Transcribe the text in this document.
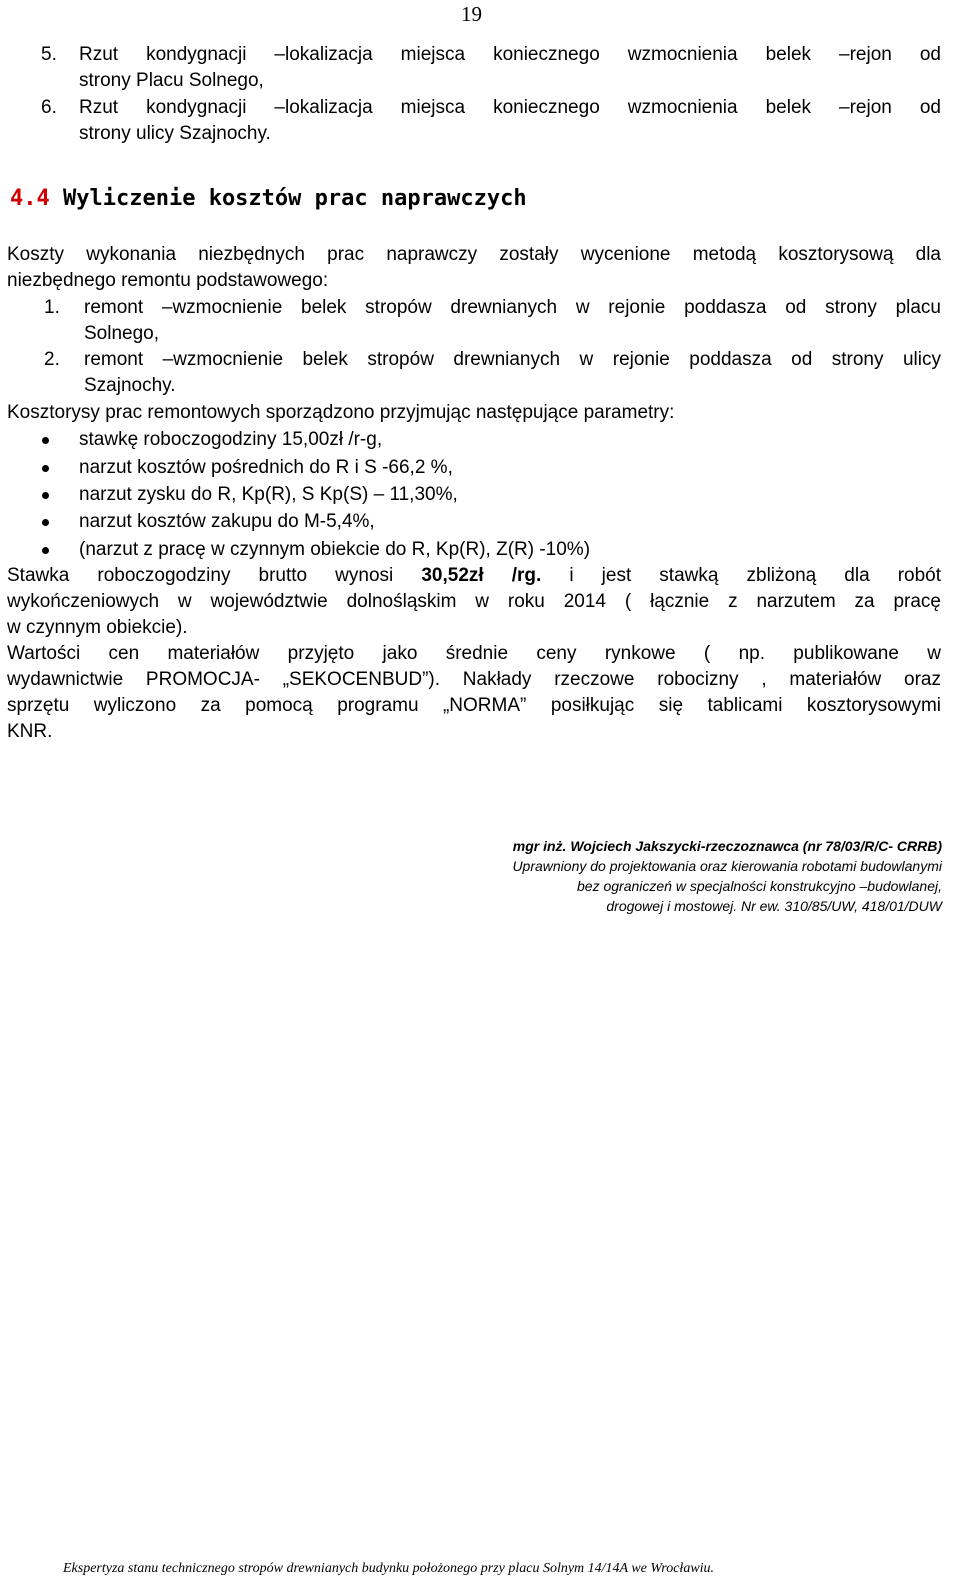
19
5. Rzut kondygnacji –lokalizacja miejsca koniecznego wzmocnienia belek –rejon od
strony Placu Solnego,
6. Rzut kondygnacji –lokalizacja miejsca koniecznego wzmocnienia belek –rejon od
strony ulicy Szajnochy.
4.4 Wyliczenie kosztów prac naprawczych
Koszty wykonania niezbędnych prac naprawczy zostały wycenione metodą kosztorysową dla
niezbędnego remontu podstawowego:
1. remont –wzmocnienie belek stropów drewnianych w rejonie poddasza od strony placu
Solnego,
2. remont –wzmocnienie belek stropów drewnianych w rejonie poddasza od strony ulicy
Szajnochy.
Kosztorysy prac remontowych sporządzono przyjmując następujące parametry:
stawkę roboczogodziny 15,00zł /r-g,
narzut kosztów pośrednich do R i S -66,2 %,
narzut zysku do R, Kp(R), S Kp(S) – 11,30%,
narzut kosztów zakupu do M-5,4%,
(narzut z pracę w czynnym obiekcie do R, Kp(R), Z(R) -10%)
Stawka roboczogodziny brutto wynosi 30,52zł /rg. i jest stawką zbliżoną dla robót
wykończeniowych w województwie dolnośląskim w roku 2014 ( łącznie z narzutem za pracę
w czynnym obiekcie).
Wartości cen materiałów przyjęto jako średnie ceny rynkowe ( np. publikowane w
wydawnictwie PROMOCJA- „SEKOCENBUD”). Nakłady rzeczowe robocizny , materiałów oraz
sprzętu wyliczono za pomocą programu „NORMA” posiłkując się tablicami kosztorysowymi
KNR.
mgr inż. Wojciech Jakszycki-rzeczoznawca (nr 78/03/R/C- CRRB)
Uprawniony do projektowania oraz kierowania robotami budowlanymi
bez ograniczeń w specjalności konstrukcyjno –budowlanej,
drogowej i mostowej. Nr ew. 310/85/UW, 418/01/DUW
Ekspertyza stanu technicznego stropów drewnianych budynku położonego przy placu Solnym 14/14A we Wrocławiu.
